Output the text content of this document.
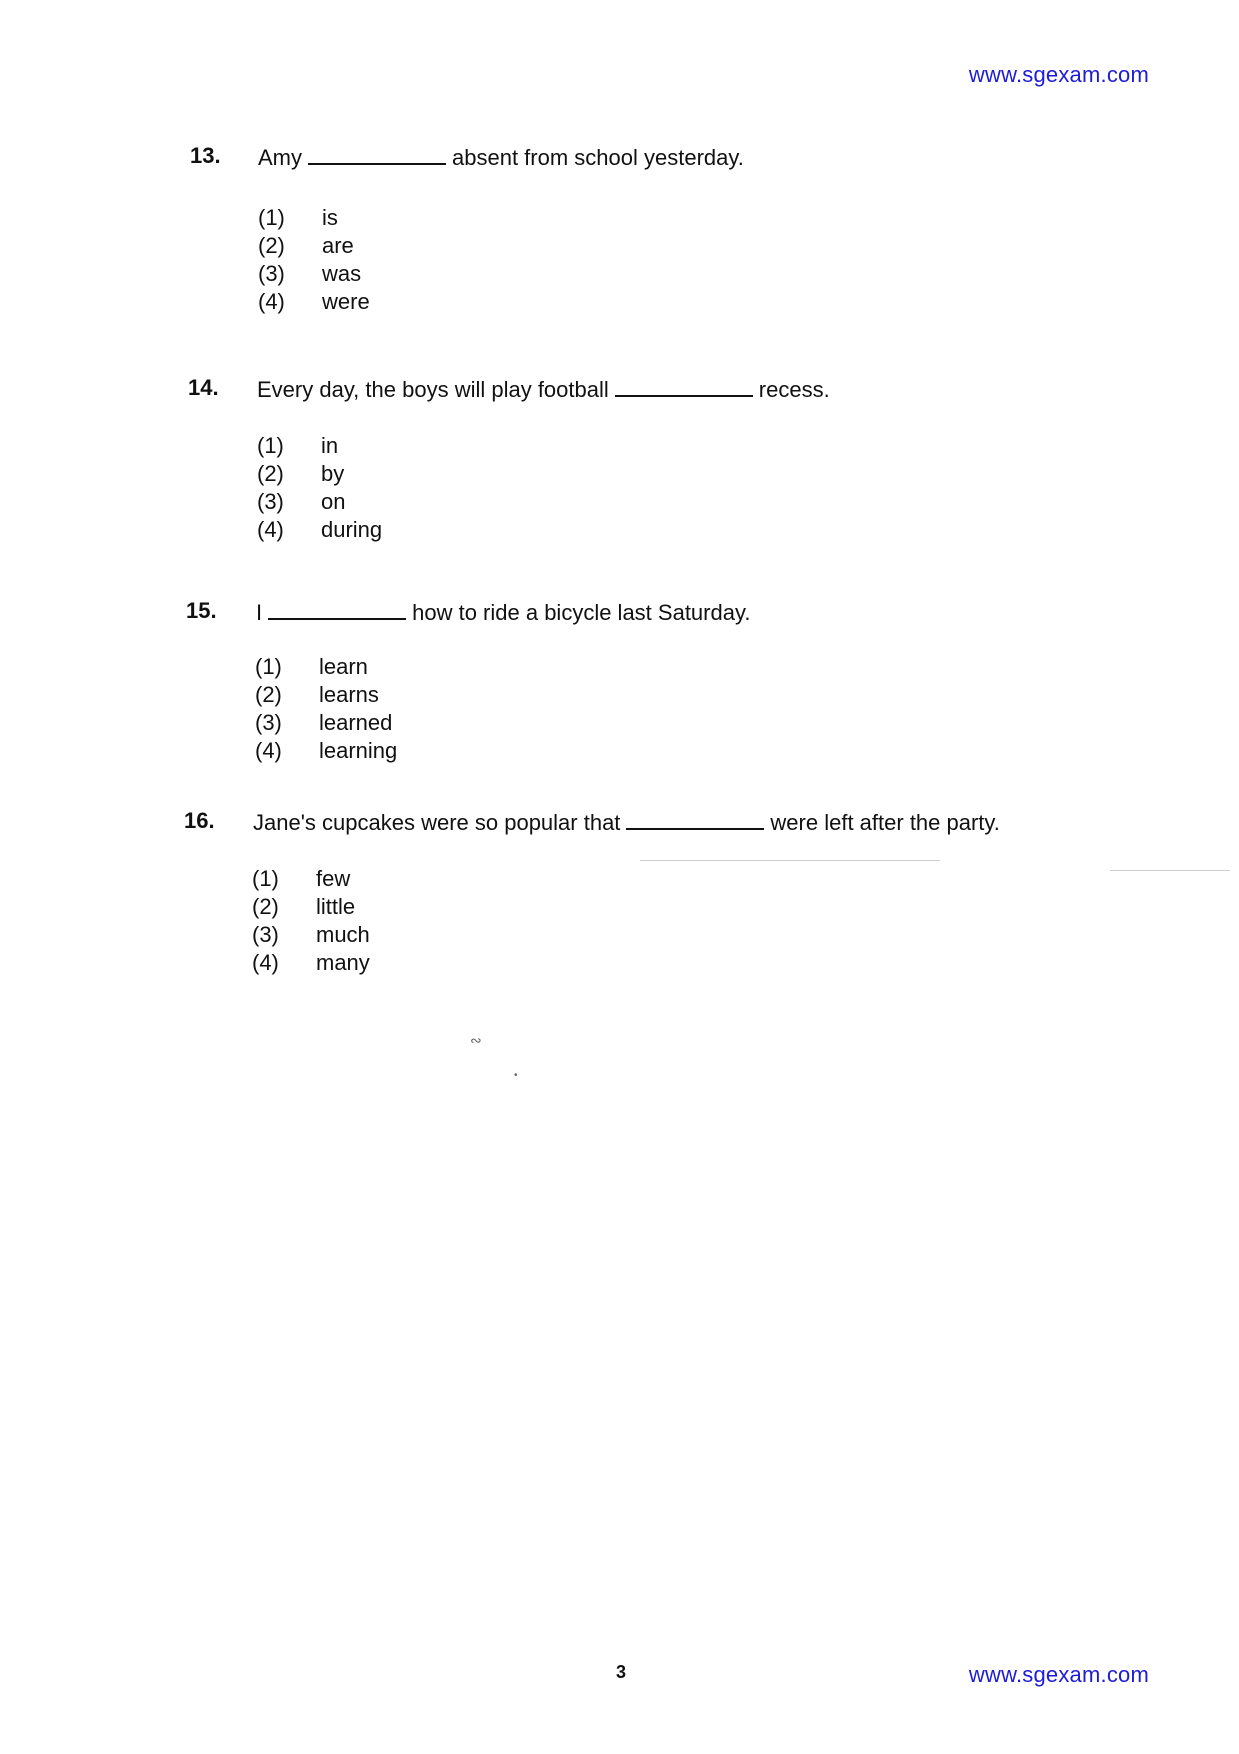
www.sgexam.com
13. Amy	absent from school yesterday.
(1) is
(2) are
(3) was
(4) were
14. Every day, the boys will play football	recess.
(1) in
(2) by
(3) on
(4) during
15. I	how to ride a bicycle last Saturday.
(1) learn
(2) learns
(3) learned
(4) learning
16. Jane's cupcakes were so popular that	were left after the party.
(1) few
(2) little
(3) much
(4) many
∾
•
3	www.sgexam.com
